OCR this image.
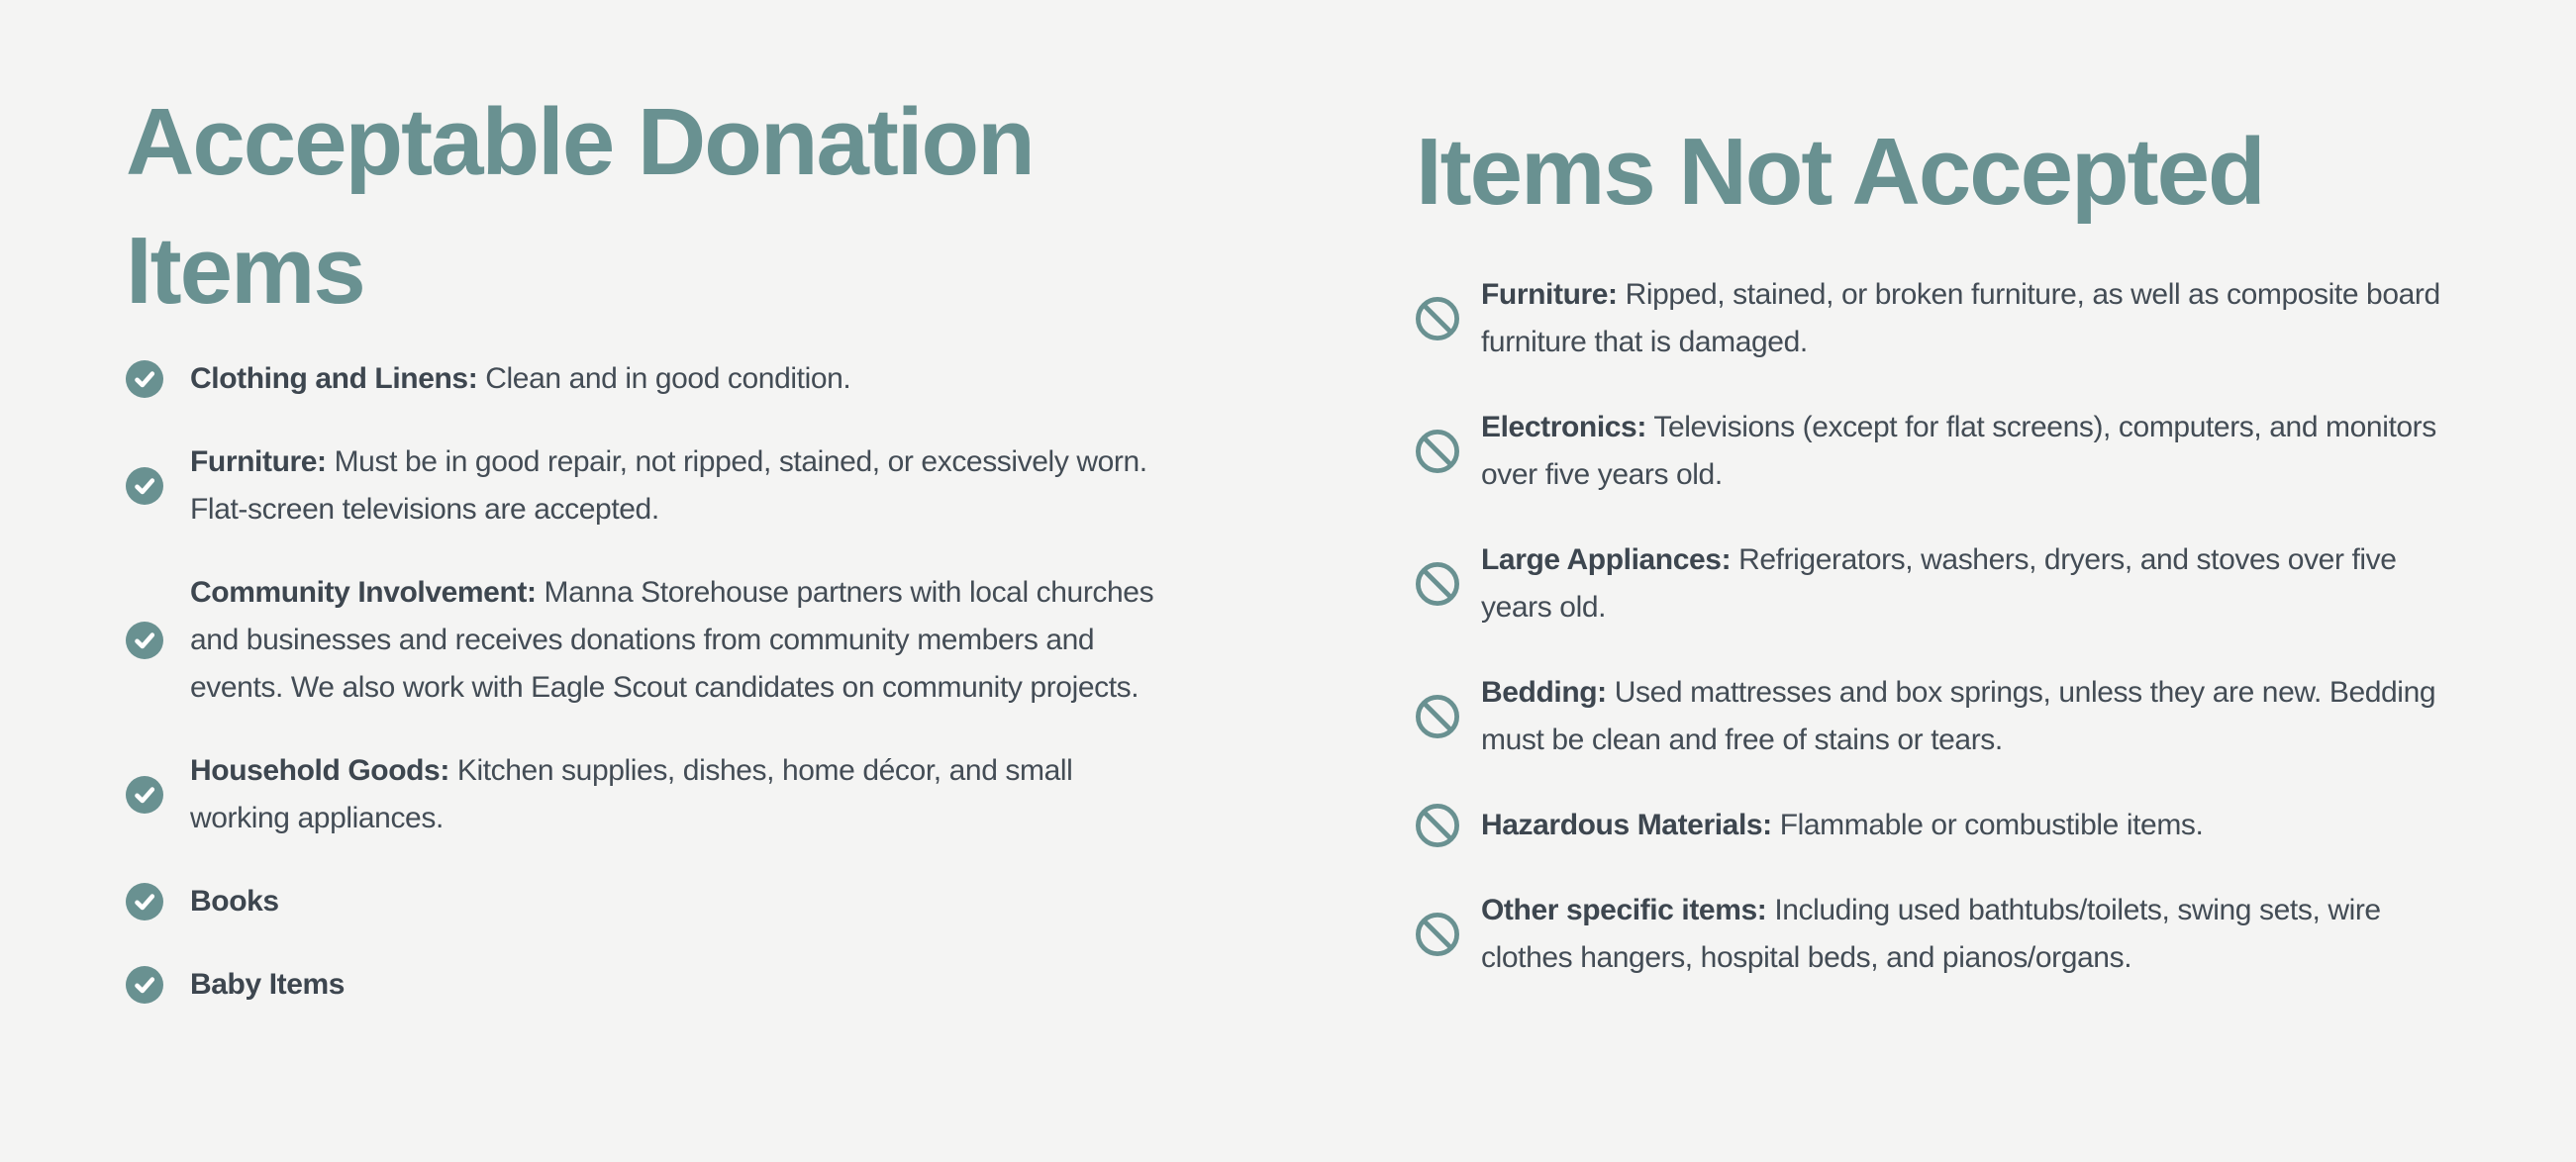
Acceptable Donation Items
Clothing and Linens: Clean and in good condition.
Furniture: Must be in good repair, not ripped, stained, or excessively worn.
Flat-screen televisions are accepted.
Community Involvement: Manna Storehouse partners with local churches
and businesses and receives donations from community members and
events. We also work with Eagle Scout candidates on community projects.
Household Goods: Kitchen supplies, dishes, home décor, and small
working appliances.
Books
Baby Items
Items Not Accepted
Furniture: Ripped, stained, or broken furniture, as well as composite board
furniture that is damaged.
Electronics: Televisions (except for flat screens), computers, and monitors
over five years old.
Large Appliances: Refrigerators, washers, dryers, and stoves over five
years old.
Bedding: Used mattresses and box springs, unless they are new. Bedding
must be clean and free of stains or tears.
Hazardous Materials: Flammable or combustible items.
Other specific items: Including used bathtubs/toilets, swing sets, wire
clothes hangers, hospital beds, and pianos/organs.
